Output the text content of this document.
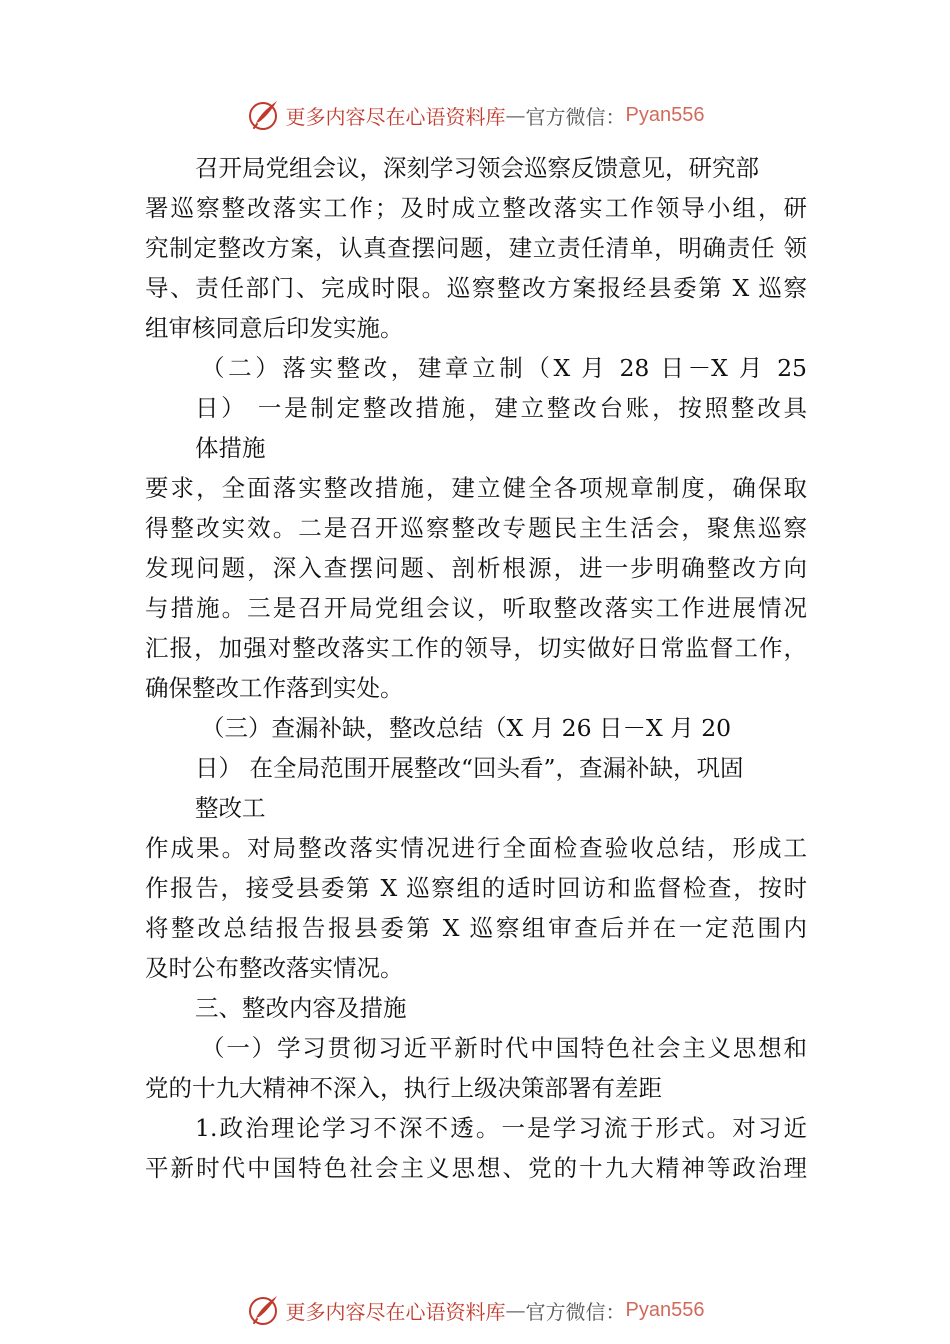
更多内容尽在心语资料库 — 官方微信： Pyan556
召开局党组会议，深刻学习领会巡察反馈意见，研究部
署巡察整改落实工作；及时成立整改落实工作领导小组，研
究制定整改方案，认真查摆问题，建立责任清单，明确责任 领
导、责任部门、完成时限。巡察整改方案报经县委第 X 巡察
组审核同意后印发实施。
（二）落实整改，建章立制（X 月 28 日－X 月 25
日） 一是制定整改措施，建立整改台账，按照整改具
体措施
要求，全面落实整改措施，建立健全各项规章制度，确保取
得整改实效。二是召开巡察整改专题民主生活会，聚焦巡察
发现问题，深入查摆问题、剖析根源，进一步明确整改方向
与措施。三是召开局党组会议，听取整改落实工作进展情况
汇报，加强对整改落实工作的领导，切实做好日常监督工作，
确保整改工作落到实处。
（三）查漏补缺，整改总结（X 月 26 日－X 月 20
日） 在全局范围开展整改“回头看”，查漏补缺，巩固
整改工
作成果。对局整改落实情况进行全面检查验收总结，形成工
作报告，接受县委第 X 巡察组的适时回访和监督检查，按时
将整改总结报告报县委第 X 巡察组审查后并在一定范围内
及时公布整改落实情况。
三、整改内容及措施
（一）学习贯彻习近平新时代中国特色社会主义思想和
党的十九大精神不深入，执行上级决策部署有差距
1.政治理论学习不深不透。一是学习流于形式。对习近
平新时代中国特色社会主义思想、党的十九大精神等政治理
更多内容尽在心语资料库 — 官方微信： Pyan556
